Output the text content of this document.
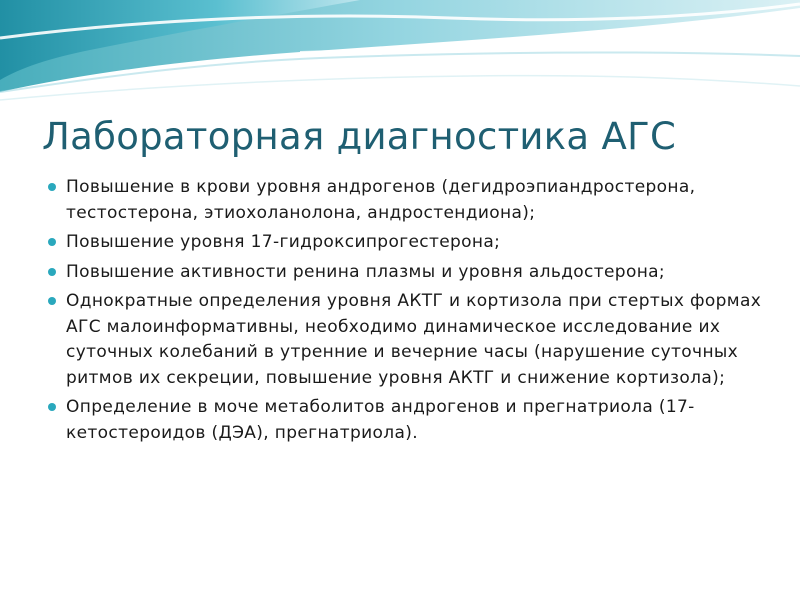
Лабораторная диагностика АГС
Повышение в крови уровня андрогенов (дегидроэпиандростерона, тестостерона, этиохоланолона, андростендиона);
Повышение уровня 17-гидроксипрогестерона;
Повышение активности ренина плазмы и уровня альдостерона;
Однократные определения уровня АКТГ и кортизола при стертых формах АГС малоинформативны, необходимо динамическое исследование их суточных колебаний в утренние и вечерние часы (нарушение суточных ритмов их секреции, повышение уровня АКТГ и снижение кортизола);
Определение в моче метаболитов андрогенов и прегнатриола (17-кетостероидов (ДЭА), прегнатриола).
